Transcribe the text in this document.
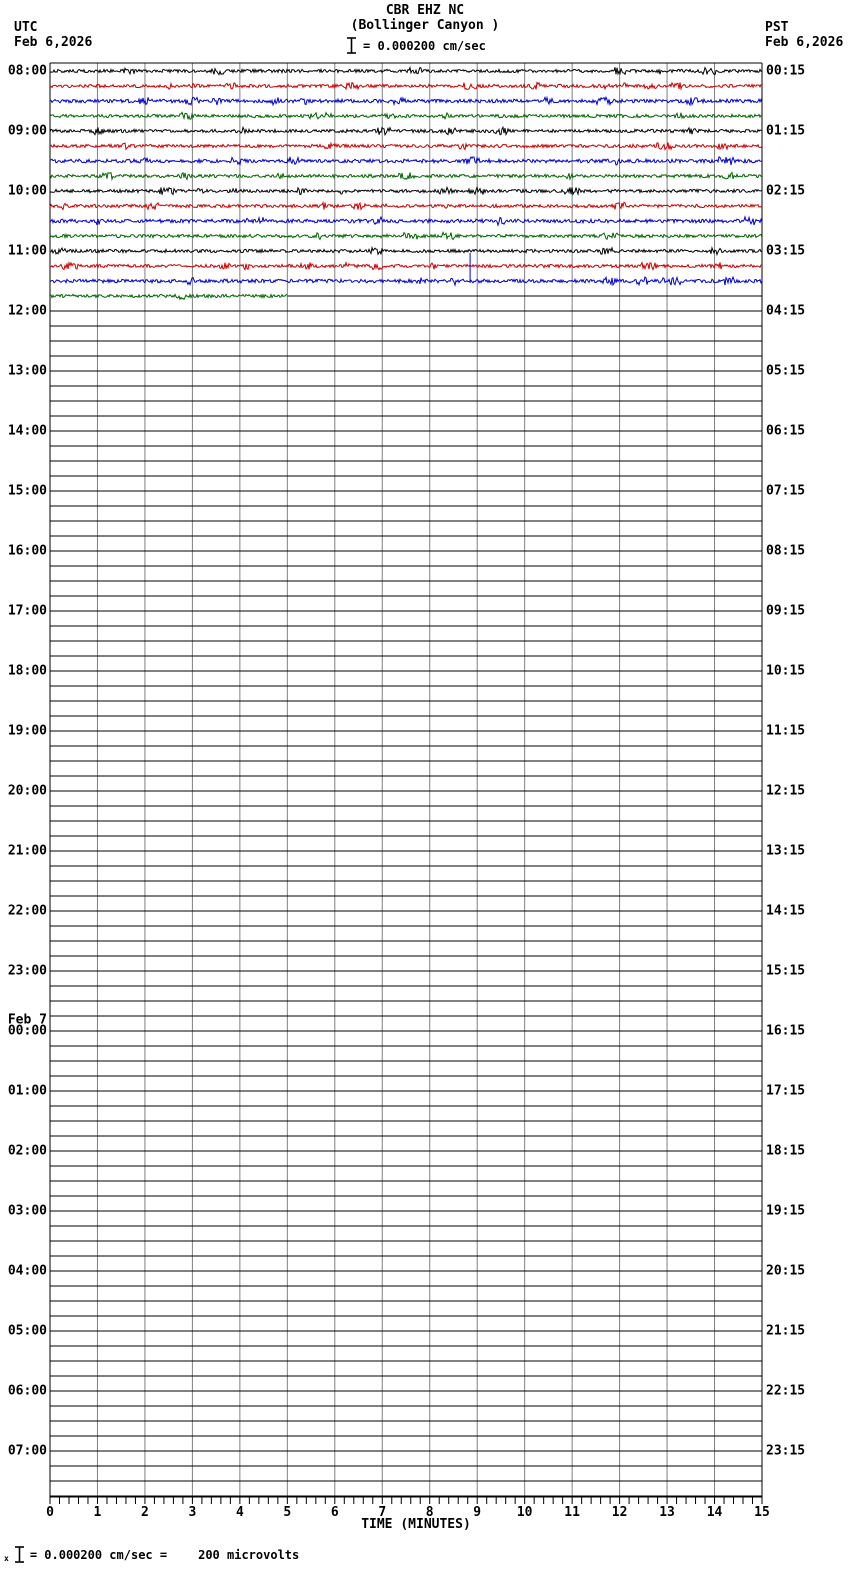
CBR EHZ NC
(Bollinger Canyon )
= 0.000200 cm/sec
UTC
Feb 6,2026
PST
Feb 6,2026
08:00
09:00
10:00
11:00
12:00
13:00
14:00
15:00
16:00
17:00
18:00
19:00
20:00
21:00
22:00
23:00
Feb 7
00:00
01:00
02:00
03:00
04:00
05:00
06:00
07:00
00:15
01:15
02:15
03:15
04:15
05:15
06:15
07:15
08:15
09:15
10:15
11:15
12:15
13:15
14:15
15:15
16:15
17:15
18:15
19:15
20:15
21:15
22:15
23:15
0	1	2	3	4	5	6	7	8	9	10	11	12	13	14	15
TIME (MINUTES)
x = 0.000200 cm/sec =	200 microvolts
